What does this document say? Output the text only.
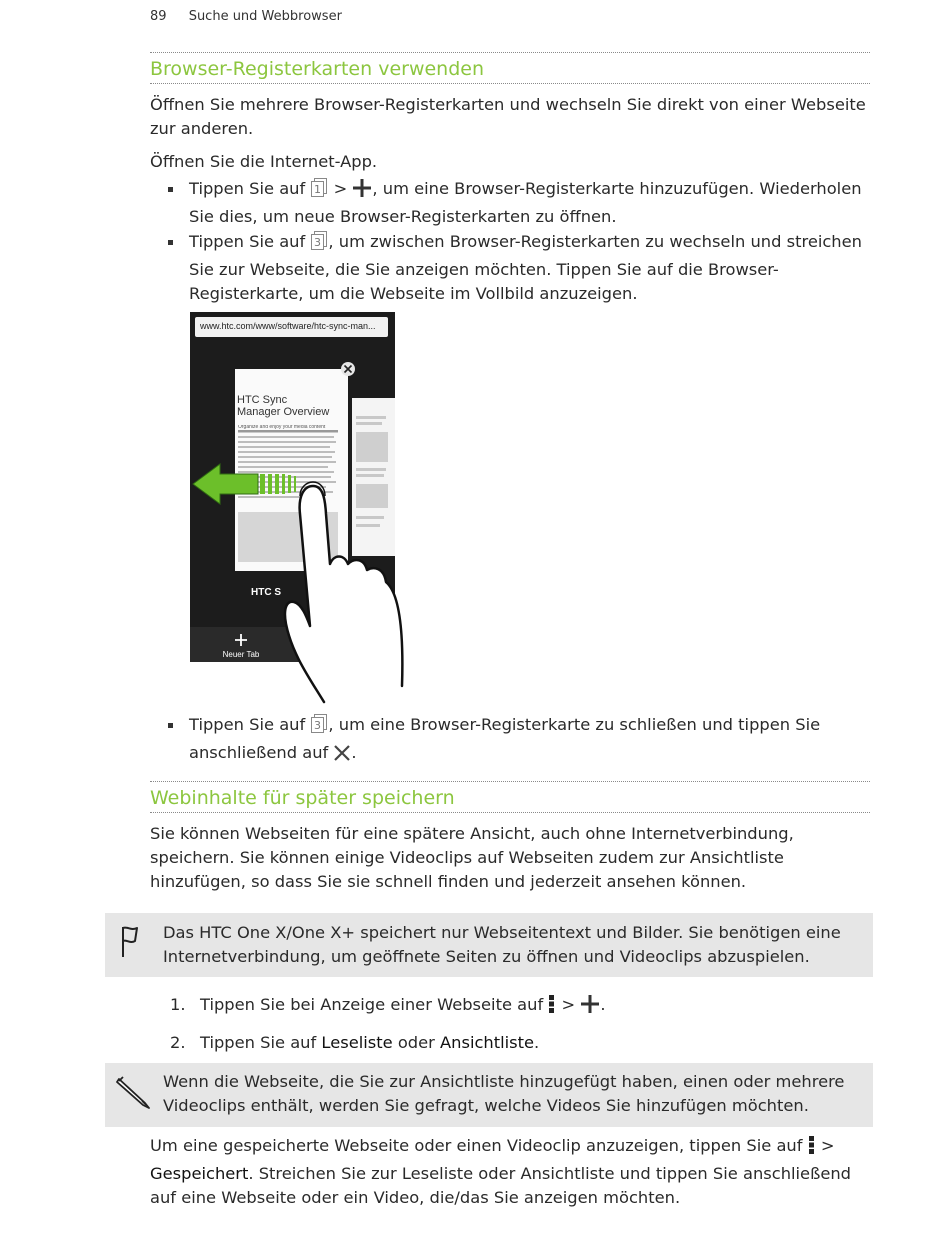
89 Suche und Webbrowser
Browser-Registerkarten verwenden

Öffnen Sie mehrere Browser-Registerkarten und wechseln Sie direkt von einer Webseite zur anderen.

Öffnen Sie die Internet-App.

Tippen Sie auf 1 > , um eine Browser-Registerkarte hinzuzufügen. Wiederholen Sie dies, um neue Browser-Registerkarten zu öffnen.
Tippen Sie auf 3 , um zwischen Browser-Registerkarten zu wechseln und streichen Sie zur Webseite, die Sie anzeigen möchten. Tippen Sie auf die Browser-Registerkarte, um die Webseite im Vollbild anzuzeigen.
www.htc.com/www/software/htc-sync-man...
HTC Sync Manager Overview
Organize and enjoy your media content
HTC S
Neuer Tab
Tippen Sie auf 3 , um eine Browser-Registerkarte zu schließen und tippen Sie anschließend auf .
Webinhalte für später speichern

Sie können Webseiten für eine spätere Ansicht, auch ohne Internetverbindung, speichern. Sie können einige Videoclips auf Webseiten zudem zur Ansichtliste hinzufügen, so dass Sie sie schnell finden und jederzeit ansehen können.

Das HTC One X/One X+ speichert nur Webseitentext und Bilder. Sie benötigen eine Internetverbindung, um geöffnete Seiten zu öffnen und Videoclips abzuspielen.
1. Tippen Sie bei Anzeige einer Webseite auf  > .
2. Tippen Sie auf Leseliste oder Ansichtliste.
Wenn die Webseite, die Sie zur Ansichtliste hinzugefügt haben, einen oder mehrere Videoclips enthält, werden Sie gefragt, welche Videos Sie hinzufügen möchten.

Um eine gespeicherte Webseite oder einen Videoclip anzuzeigen, tippen Sie auf  > Gespeichert. Streichen Sie zur Leseliste oder Ansichtliste und tippen Sie anschließend auf eine Webseite oder ein Video, die/das Sie anzeigen möchten.
